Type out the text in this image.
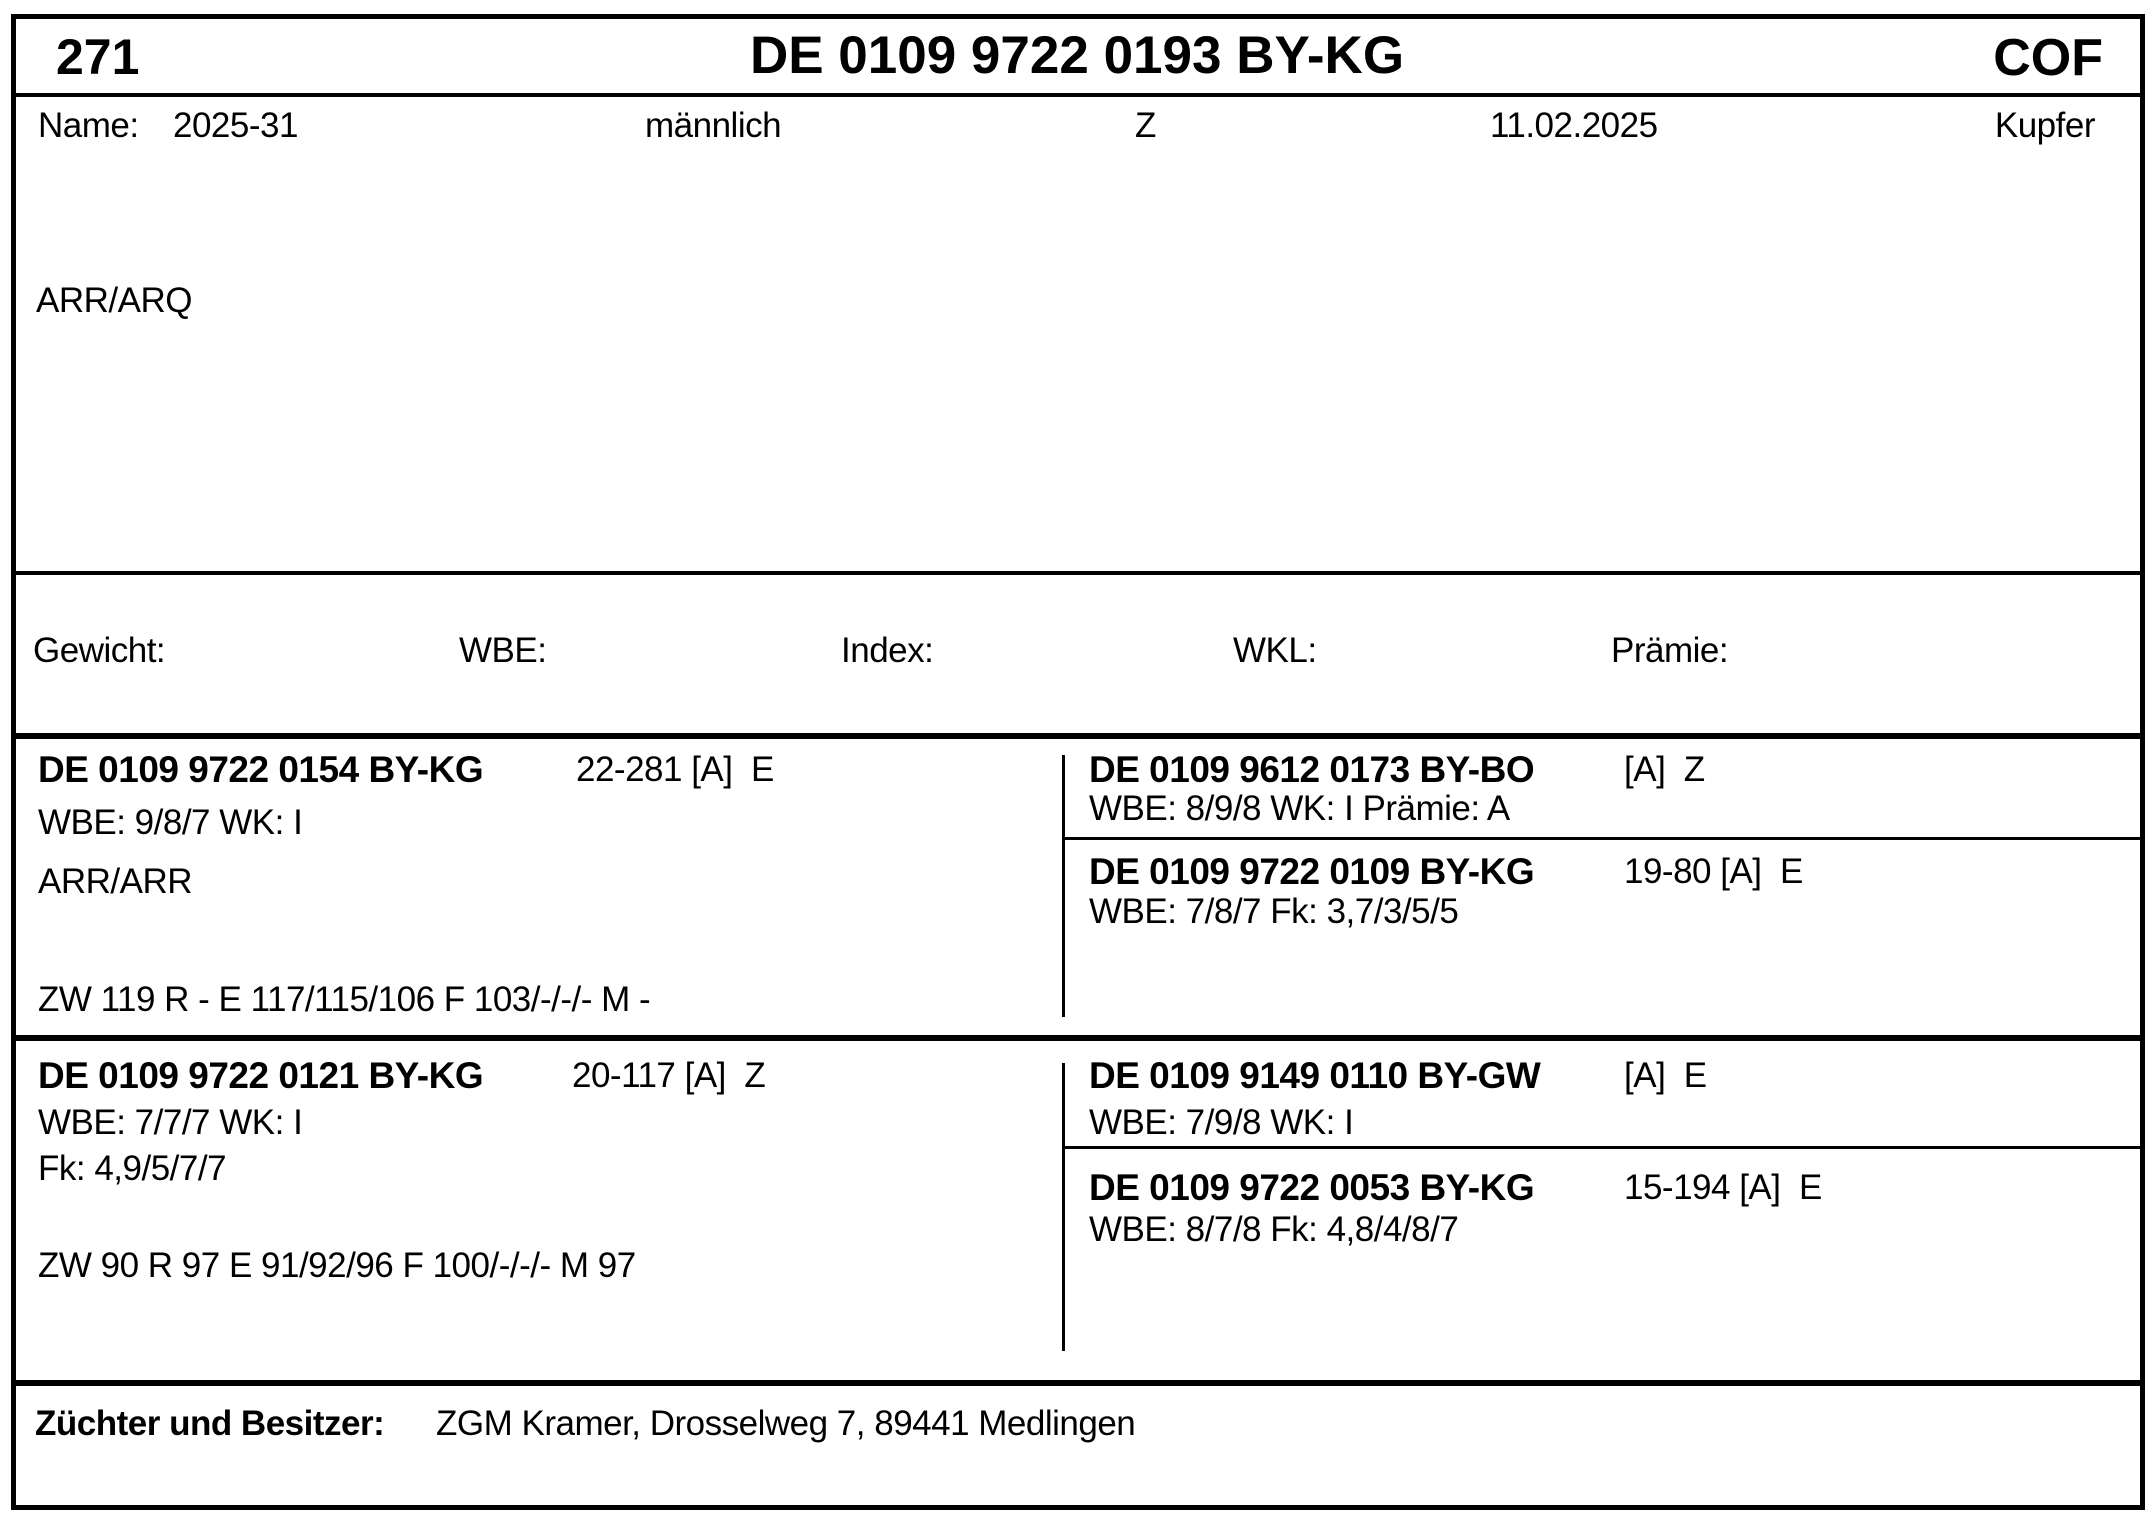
271	DE 0109 9722 0193 BY-KG	COF
Name: 2025-31	männlich	Z	11.02.2025	Kupfer
ARR/ARQ
Gewicht:	WBE:	Index:	WKL:	Prämie:
DE 0109 9722 0154 BY-KG	22-281 [A]  E
WBE: 9/8/7 WK: I
ARR/ARR
ZW 119 R - E 117/115/106 F 103/-/-/- M -
DE 0109 9612 0173 BY-BO	[A]  Z
WBE: 8/9/8 WK: I Prämie: A
DE 0109 9722 0109 BY-KG	19-80 [A]  E
WBE: 7/8/7 Fk: 3,7/3/5/5
DE 0109 9722 0121 BY-KG	20-117 [A]  Z
WBE: 7/7/7 WK: I
Fk: 4,9/5/7/7
ZW 90 R 97 E 91/92/96 F 100/-/-/- M 97
DE 0109 9149 0110 BY-GW [A]  E
WBE: 7/9/8 WK: I
DE 0109 9722 0053 BY-KG	15-194 [A]  E
WBE: 8/7/8 Fk: 4,8/4/8/7
Züchter und Besitzer: ZGM Kramer, Drosselweg 7, 89441 Medlingen
